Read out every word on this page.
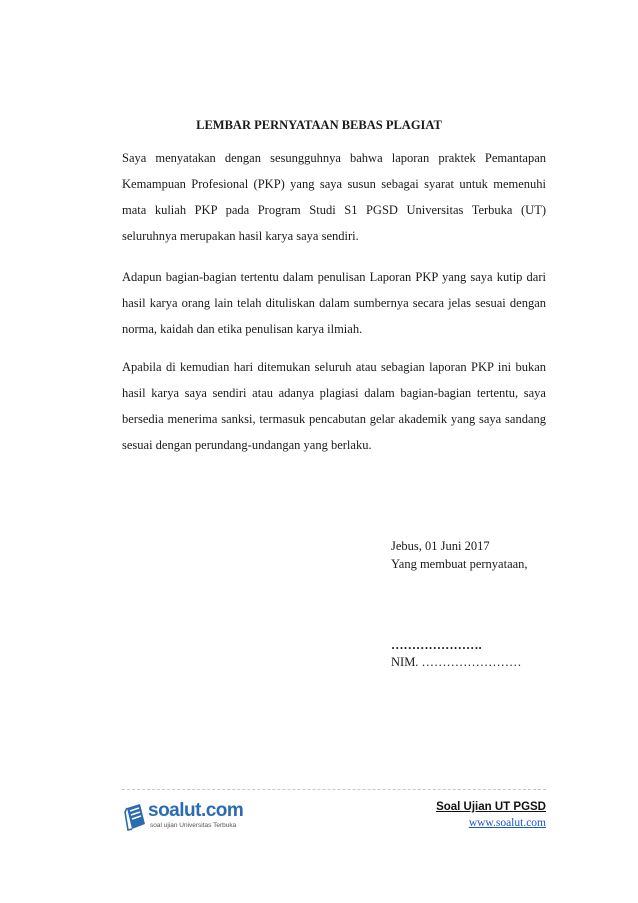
LEMBAR PERNYATAAN BEBAS PLAGIAT

Saya menyatakan dengan sesungguhnya bahwa laporan praktek Pemantapan Kemampuan Profesional (PKP) yang saya susun sebagai syarat untuk memenuhi mata kuliah PKP pada Program Studi S1 PGSD Universitas Terbuka (UT) seluruhnya merupakan hasil karya saya sendiri.

Adapun bagian-bagian tertentu dalam penulisan Laporan PKP yang saya kutip dari hasil karya orang lain telah dituliskan dalam sumbernya secara jelas sesuai dengan norma, kaidah dan etika penulisan karya ilmiah.

Apabila di kemudian hari ditemukan seluruh atau sebagian laporan PKP ini bukan hasil karya saya sendiri atau adanya plagiasi dalam bagian-bagian tertentu, saya bersedia menerima sanksi, termasuk pencabutan gelar akademik yang saya sandang sesuai dengan perundang-undangan yang berlaku.

Jebus, 01 Juni 2017
Yang membuat pernyataan,
………………….
NIM. ……………………
soalut.com
soal ujian Universitas Terbuka
Soal Ujian UT PGSD
www.soalut.com
